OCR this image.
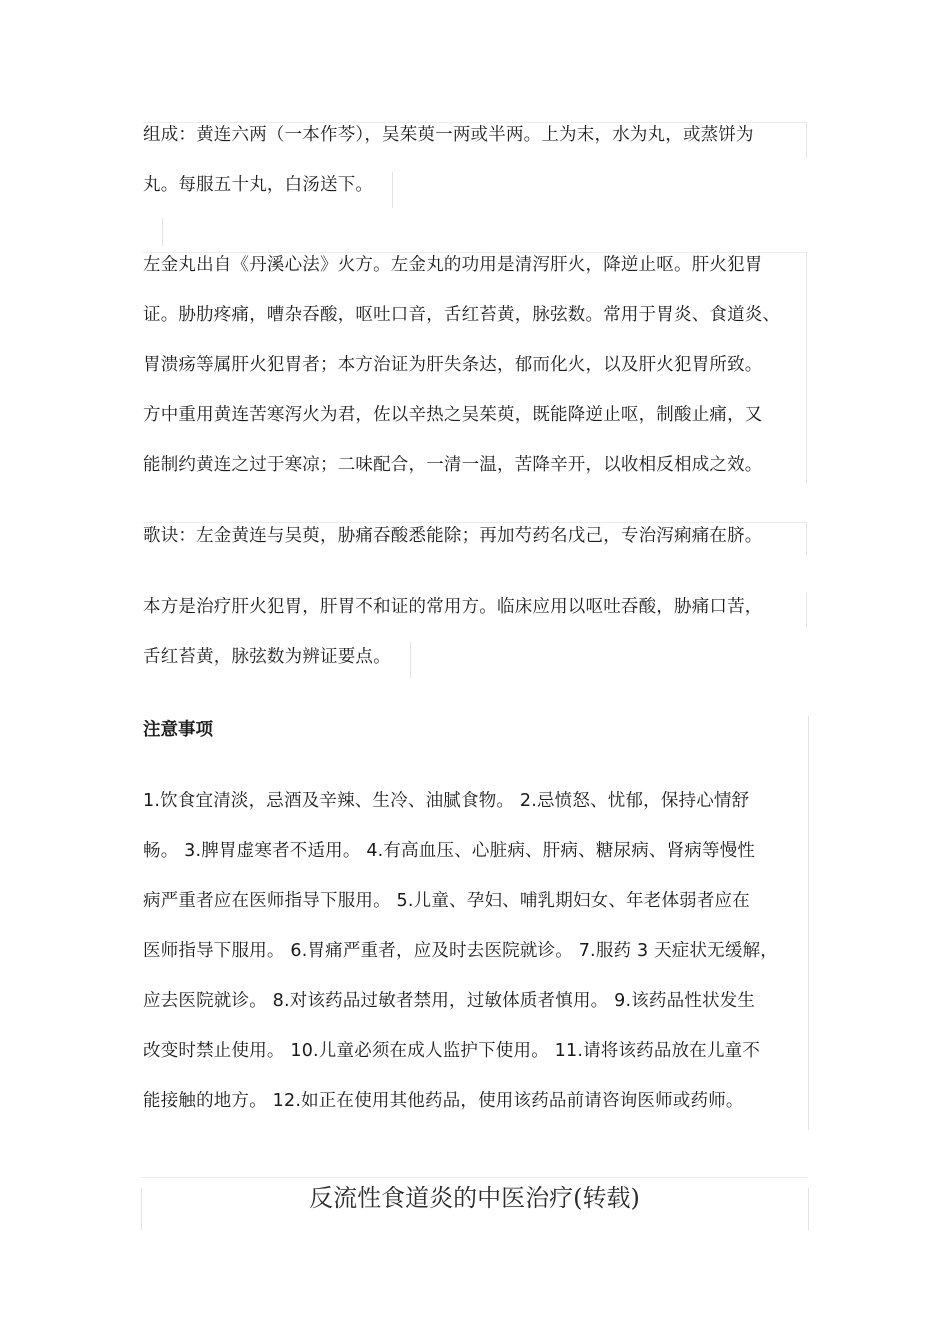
组成：黄连六两（一本作芩），吴茱萸一两或半两。上为末，水为丸，或蒸饼为

丸。每服五十丸，白汤送下。

左金丸出自《丹溪心法》火方。左金丸的功用是清泻肝火，降逆止呕。肝火犯胃

证。胁肋疼痛，嘈杂吞酸，呕吐口音，舌红苔黄，脉弦数。常用于胃炎、食道炎、

胃溃疡等属肝火犯胃者；本方治证为肝失条达，郁而化火，以及肝火犯胃所致。

方中重用黄连苦寒泻火为君，佐以辛热之吴茱萸，既能降逆止呕，制酸止痛，又

能制约黄连之过于寒凉；二味配合，一清一温，苦降辛开，以收相反相成之效。

歌诀：左金黄连与吴萸，胁痛吞酸悉能除；再加芍药名戊己，专治泻痢痛在脐。

本方是治疗肝火犯胃，肝胃不和证的常用方。临床应用以呕吐吞酸，胁痛口苦，

舌红苔黄，脉弦数为辨证要点。

注意事项

1.饮食宜清淡，忌酒及辛辣、生冷、油腻食物。 2.忌愤怒、忧郁，保持心情舒

畅。 3.脾胃虚寒者不适用。 4.有高血压、心脏病、肝病、糖尿病、肾病等慢性

病严重者应在医师指导下服用。 5.儿童、孕妇、哺乳期妇女、年老体弱者应在

医师指导下服用。 6.胃痛严重者，应及时去医院就诊。 7.服药 3 天症状无缓解，

应去医院就诊。 8.对该药品过敏者禁用，过敏体质者慎用。 9.该药品性状发生

改变时禁止使用。 10.儿童必须在成人监护下使用。 11.请将该药品放在儿童不

能接触的地方。 12.如正在使用其他药品，使用该药品前请咨询医师或药师。

反流性食道炎的中医治疗(转载)
